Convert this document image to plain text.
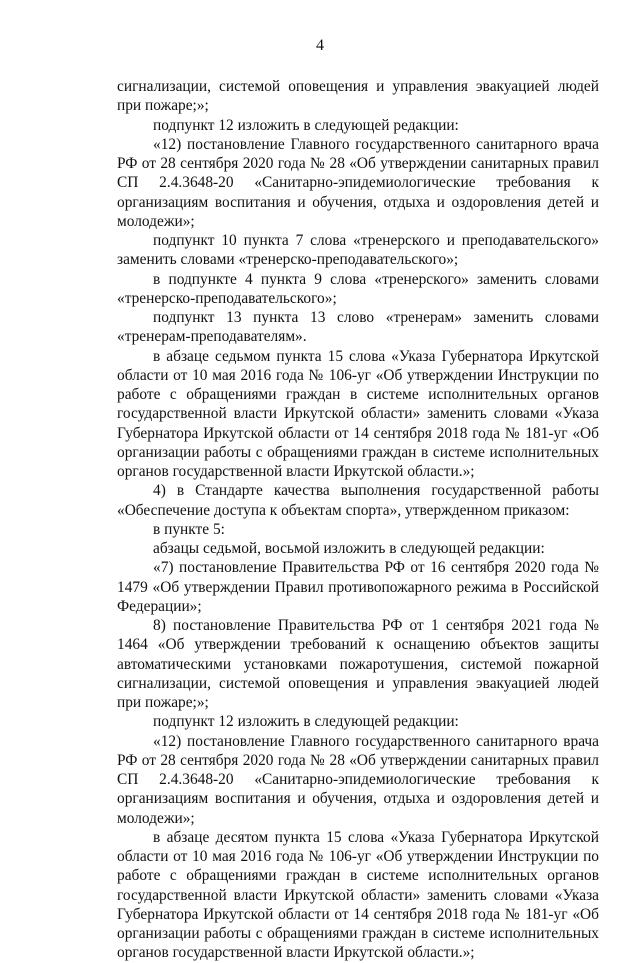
4

сигнализации, системой оповещения и управления эвакуацией людей при пожаре;»;

подпункт 12 изложить в следующей редакции:

«12) постановление Главного государственного санитарного врача РФ от 28 сентября 2020 года № 28 «Об утверждении санитарных правил СП 2.4.3648-20 «Санитарно-эпидемиологические требования к организациям воспитания и обучения, отдыха и оздоровления детей и молодежи»;

подпункт 10 пункта 7 слова «тренерского и преподавательского» заменить словами «тренерско-преподавательского»;

в подпункте 4 пункта 9 слова «тренерского» заменить словами «тренерско-преподавательского»;

подпункт 13 пункта 13 слово «тренерам» заменить словами «тренерам-преподавателям».

в абзаце седьмом пункта 15 слова «Указа Губернатора Иркутской области от 10 мая 2016 года № 106-уг «Об утверждении Инструкции по работе с обращениями граждан в системе исполнительных органов государственной власти Иркутской области» заменить словами «Указа Губернатора Иркутской области от 14 сентября 2018 года № 181-уг «Об организации работы с обращениями граждан в системе исполнительных органов государственной власти Иркутской области.»;

4) в Стандарте качества выполнения государственной работы «Обеспечение доступа к объектам спорта», утвержденном приказом:

в пункте 5:

абзацы седьмой, восьмой изложить в следующей редакции:

«7) постановление Правительства РФ от 16 сентября 2020 года № 1479 «Об утверждении Правил противопожарного режима в Российской Федерации»;

8) постановление Правительства РФ от 1 сентября 2021 года № 1464 «Об утверждении требований к оснащению объектов защиты автоматическими установками пожаротушения, системой пожарной сигнализации, системой оповещения и управления эвакуацией людей при пожаре;»;

подпункт 12 изложить в следующей редакции:

«12) постановление Главного государственного санитарного врача РФ от 28 сентября 2020 года № 28 «Об утверждении санитарных правил СП 2.4.3648-20 «Санитарно-эпидемиологические требования к организациям воспитания и обучения, отдыха и оздоровления детей и молодежи»;

в абзаце десятом пункта 15 слова «Указа Губернатора Иркутской области от 10 мая 2016 года № 106-уг «Об утверждении Инструкции по работе с обращениями граждан в системе исполнительных органов государственной власти Иркутской области» заменить словами «Указа Губернатора Иркутской области от 14 сентября 2018 года № 181-уг «Об организации работы с обращениями граждан в системе исполнительных органов государственной власти Иркутской области.»;
